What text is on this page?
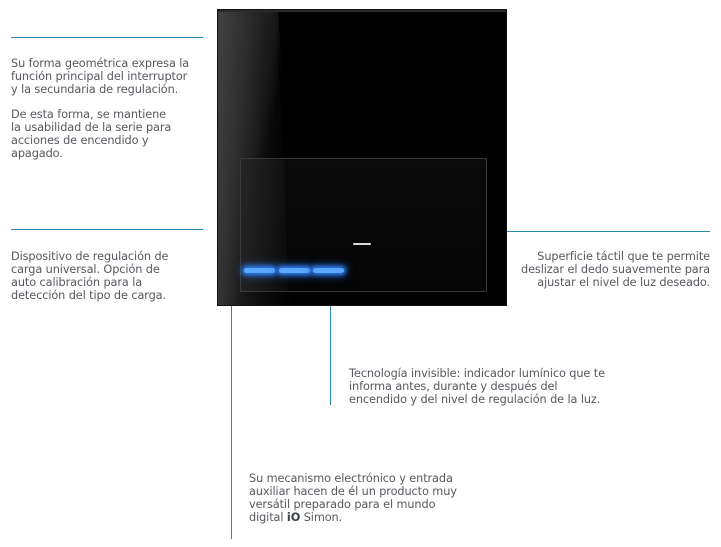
Su forma geométrica expresa la función principal del interruptor y la secundaria de regulación.

De esta forma, se mantiene la usabilidad de la serie para acciones de encendido y apagado.

Dispositivo de regulación de carga universal. Opción de auto calibración para la detección del tipo de carga.

Superficie táctil que te permite deslizar el dedo suavemente para ajustar el nivel de luz deseado.

Tecnología invisible: indicador lumínico que te informa antes, durante y después del encendido y del nivel de regulación de la luz.

Su mecanismo electrónico y entrada auxiliar hacen de él un producto muy versátil preparado para el mundo digital iO Simon.
